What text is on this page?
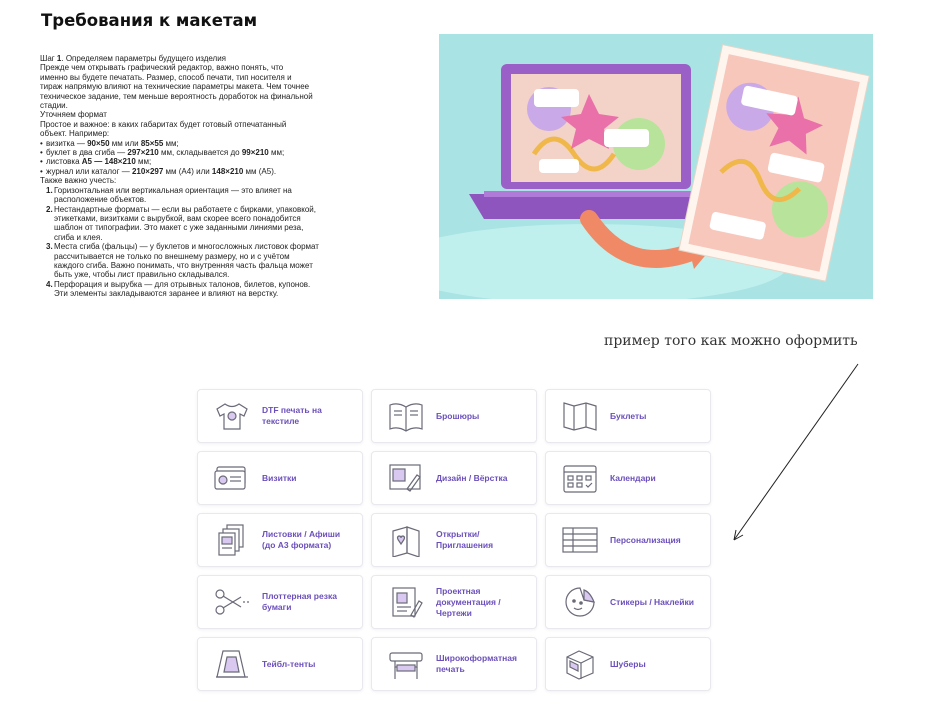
Требования к макетам
Шаг 1. Определяем параметры будущего изделия
Прежде чем открывать графический редактор, важно понять, что
именно вы будете печатать. Размер, способ печати, тип носителя и
тираж напрямую влияют на технические параметры макета. Чем точнее
техническое задание, тем меньше вероятность доработок на финальной
стадии.
Уточняем формат
Простое и важное: в каких габаритах будет готовый отпечатанный
объект. Например:
• визитка — 90×50 мм или 85×55 мм;
• буклет в два сгиба — 297×210 мм, складывается до 99×210 мм;
• листовка А5 — 148×210 мм;
• журнал или каталог — 210×297 мм (А4) или 148×210 мм (А5).
Также важно учесть:
1. Горизонтальная или вертикальная ориентация — это влияет на
расположение объектов.
2. Нестандартные форматы — если вы работаете с бирками, упаковкой,
этикетками, визитками с вырубкой, вам скорее всего понадобится
шаблон от типографии. Это макет с уже заданными линиями реза,
сгиба и клея.
3. Места сгиба (фальцы) — у буклетов и многосложных листовок формат
рассчитывается не только по внешнему размеру, но и с учётом
каждого сгиба. Важно понимать, что внутренняя часть фальца может
быть уже, чтобы лист правильно складывался.
4. Перфорация и вырубка — для отрывных талонов, билетов, купонов.
Эти элементы закладываются заранее и влияют на верстку.
пример того как можно оформить
DTF печать на
текстиле
Брошюры	Буклеты
Визитки	Дизайн / Вёрстка	Календари
Листовки / Афиши
(до А3 формата)
Открытки/
Приглашения
Персонализация
Плоттерная резка
бумаги
Проектная
документация /
Чертежи
Стикеры / Наклейки
Тейбл-тенты
Широкоформатная
печать
Шуберы
